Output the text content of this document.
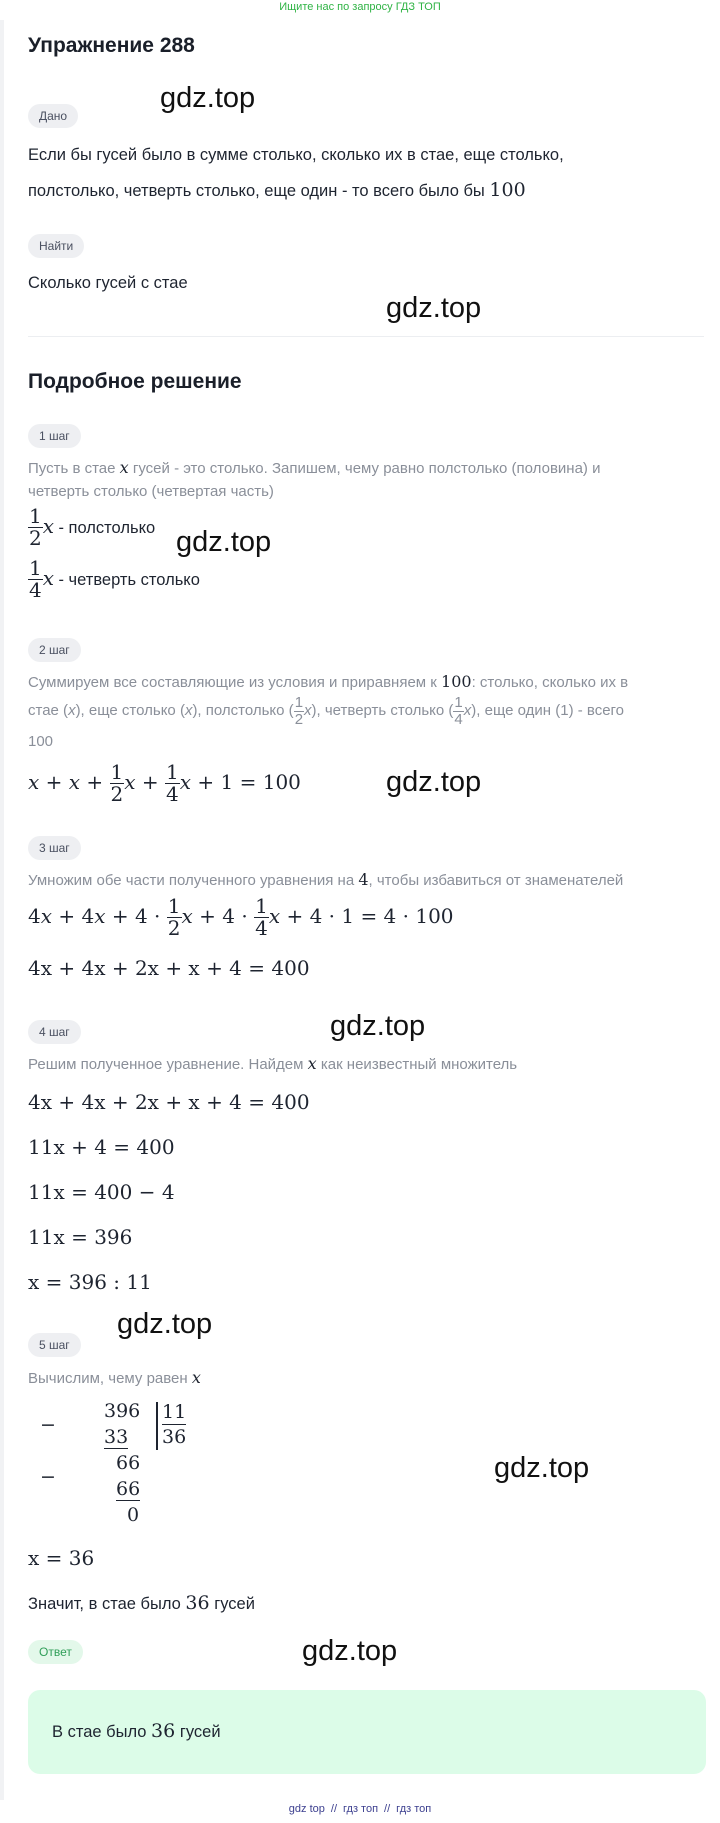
Ищите нас по запросу ГДЗ ТОП
Упражнение 288
gdz.top
Дано
Если бы гусей было в сумме столько, сколько их в стае, еще столько,
полстолько, четверть столько, еще один - то всего было бы 100
Найти
Сколько гусей с стае
gdz.top
Подробное решение
1 шаг
Пусть в стае x гусей - это столько. Запишем, чему равно полстолько (половина) и
четверть столько (четвертая часть)
$\frac{1}{2}$ x - полстолько gdz.top
$\frac{1}{4}$ x - четверть столько
2 шаг
Суммируем все составляющие из условия и приравняем к 100: столько, сколько их в
стае (x), еще столько (x), полстолько ( $\frac{1}{2} x$), четверть столько ( $\frac{1}{4} x$), еще один (1) - всего
100
$x + x + \frac{1}{2}$ $x + \frac{1}{4}$ x + 1 = 100	gdz.top
3 шаг
Умножим обе части полученного уравнения на 4, чтобы избавиться от знаменателей
$4x + 4x + 4 \cdot \frac{1}{2}$ $x + 4 \cdot \frac{1}{4}$ x + 4 · 1 = 4 · 100
4x + 4x + 2x + x + 4 = 400
gdz.top
4 шаг
Решим полученное уравнение. Найдем x как неизвестный множитель
4x + 4x + 2x + x + 4 = 400
11x + 4 = 400
11x = 400 − 4
11x = 396
x = 396 : 11
gdz.top
5 шаг
Вычислим, чему равен x
−
396
33
−
66
66
0
11
36
gdz.top
x = 36
Значит, в стае было 36 гусей
gdz.top
Ответ
В стае было 36 гусей
gdz top // гдз топ // гдз топ
